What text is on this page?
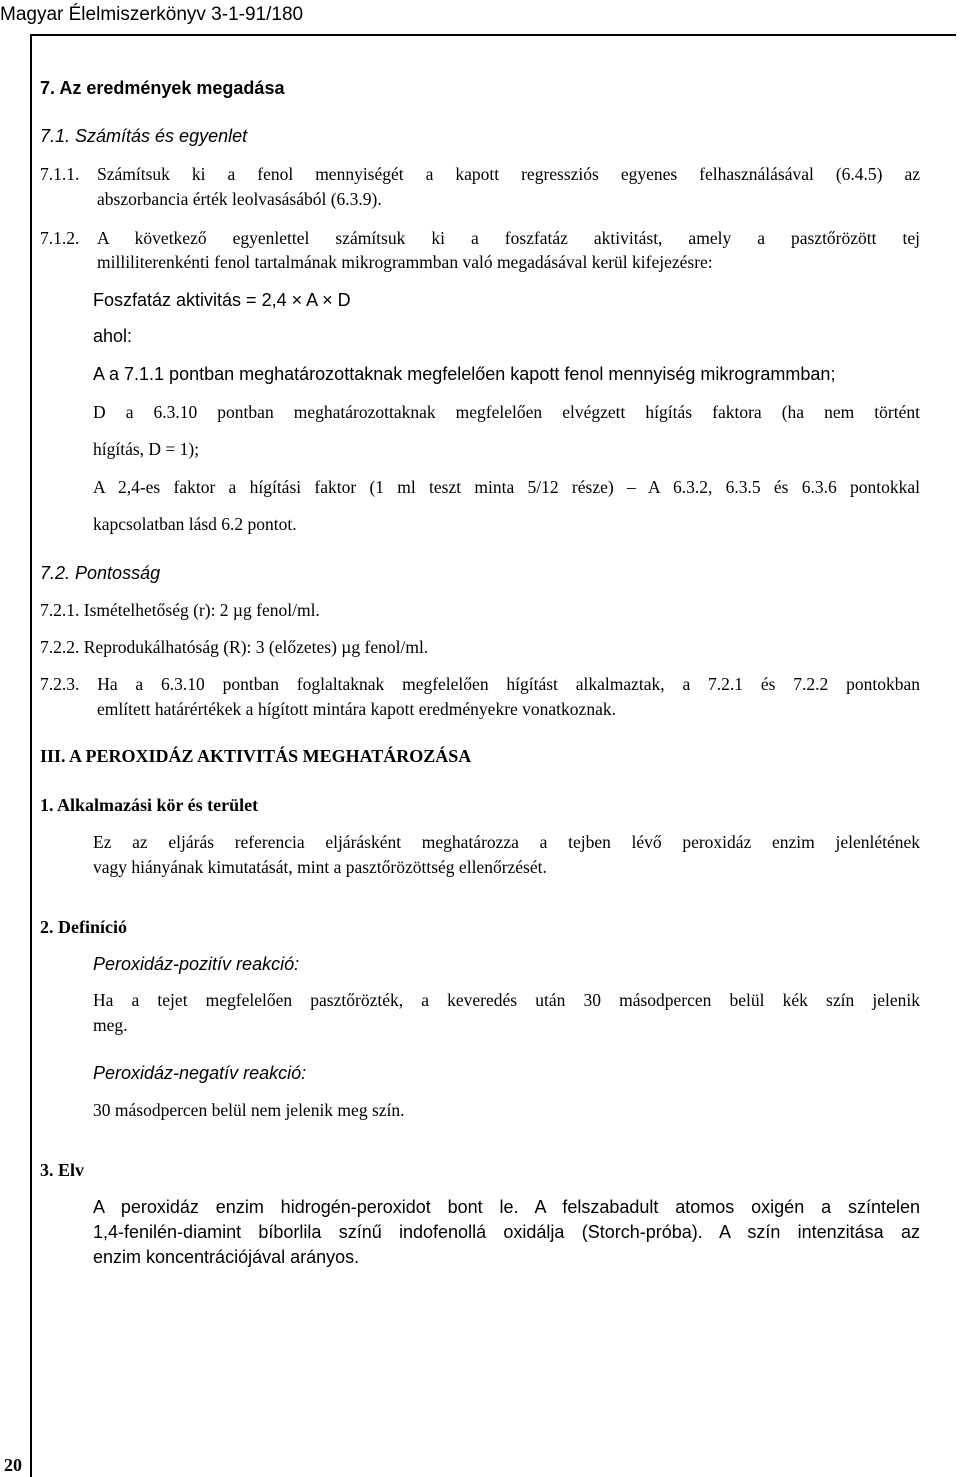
Magyar Élelmiszerkönyv 3-1-91/180
20
7. Az eredmények megadása
7.1. Számítás és egyenlet
7.1.1. Számítsuk ki a fenol mennyiségét a kapott regressziós egyenes felhasználásával (6.4.5) az
abszorbancia érték leolvasásából (6.3.9).
7.1.2. A következő egyenlettel számítsuk ki a foszfatáz aktivitást, amely a pasztőrözött tej
milliliterenkénti fenol tartalmának mikrogrammban való megadásával kerül kifejezésre:
Foszfatáz aktivitás = 2,4 × A × D
ahol:
A a 7.1.1 pontban meghatározottaknak megfelelően kapott fenol mennyiség mikrogrammban;
D a 6.3.10 pontban meghatározottaknak megfelelően elvégzett hígítás faktora (ha nem történt
hígítás, D = 1);
A 2,4-es faktor a hígítási faktor (1 ml teszt minta 5/12 része) – A 6.3.2, 6.3.5 és 6.3.6 pontokkal
kapcsolatban lásd 6.2 pontot.
7.2. Pontosság
7.2.1. Ismételhetőség (r): 2 µg fenol/ml.
7.2.2. Reprodukálhatóság (R): 3 (előzetes) µg fenol/ml.
7.2.3. Ha a 6.3.10 pontban foglaltaknak megfelelően hígítást alkalmaztak, a 7.2.1 és 7.2.2 pontokban
említett határértékek a hígított mintára kapott eredményekre vonatkoznak.
III. A PEROXIDÁZ AKTIVITÁS MEGHATÁROZÁSA
1. Alkalmazási kör és terület
Ez az eljárás referencia eljárásként meghatározza a tejben lévő peroxidáz enzim jelenlétének
vagy hiányának kimutatását, mint a pasztőrözöttség ellenőrzését.
2. Definíció
Peroxidáz-pozitív reakció:
Ha a tejet megfelelően pasztőrözték, a keveredés után 30 másodpercen belül kék szín jelenik
meg.
Peroxidáz-negatív reakció:
30 másodpercen belül nem jelenik meg szín.
3. Elv
A peroxidáz enzim hidrogén-peroxidot bont le. A felszabadult atomos oxigén a színtelen
1,4-fenilén-diamint bíborlila színű indofenollá oxidálja (Storch-próba). A szín intenzitása az
enzim koncentrációjával arányos.
